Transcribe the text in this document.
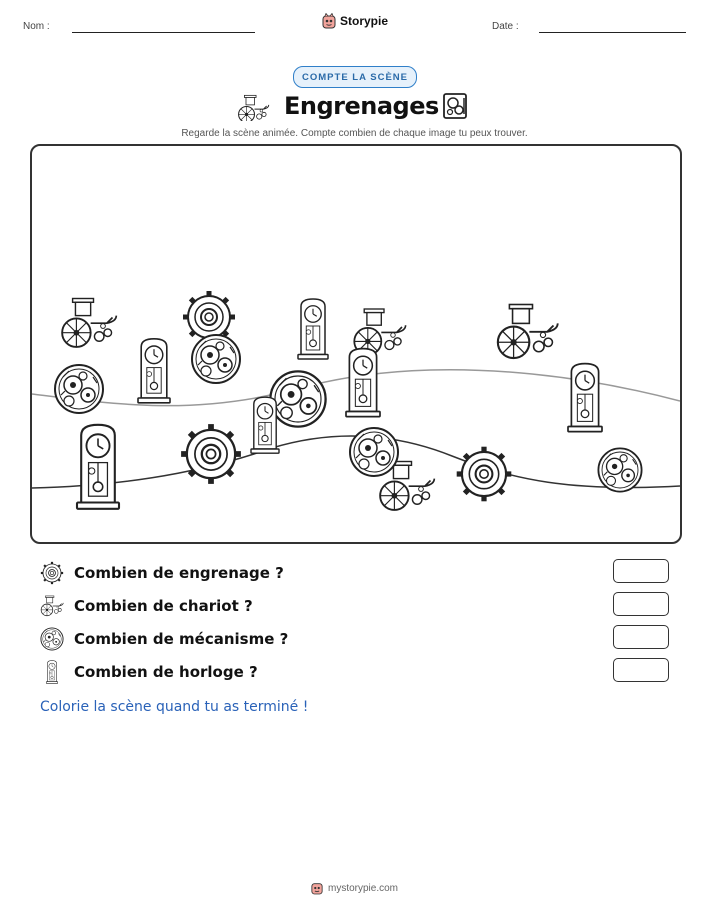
Nom :	Storypie	Date :
COMPTE LA SCÈNE
Engrenages
Regarde la scène animée. Compte combien de chaque image tu peux trouver.
Combien de engrenage ?
Combien de chariot ?
Combien de mécanisme ?
Combien de horloge ?
Colorie la scène quand tu as terminé !
mystorypie.com
